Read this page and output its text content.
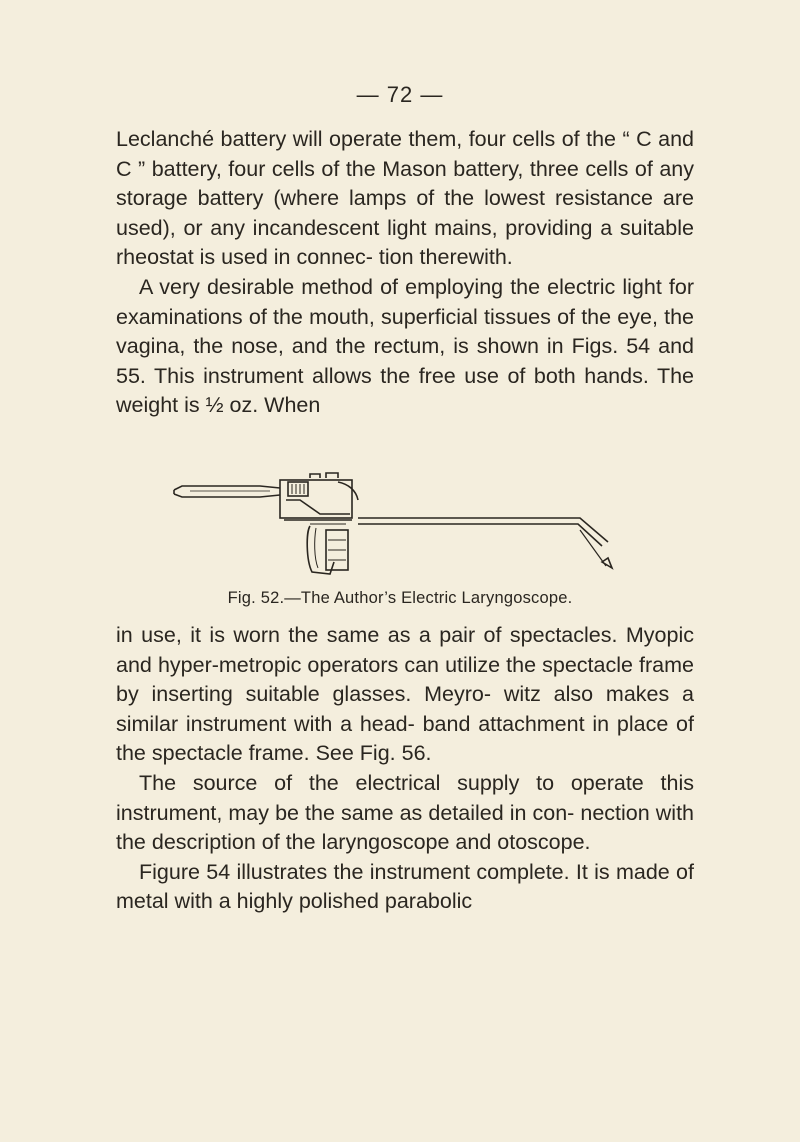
— 72 —

Leclanché battery will operate them, four cells of the “ C and C ” battery, four cells of the Mason battery, three cells of any storage battery (where lamps of the lowest resistance are used), or any incandescent light mains, providing a suitable rheostat is used in connec- tion therewith.

A very desirable method of employing the electric light for examinations of the mouth, superficial tissues of the eye, the vagina, the nose, and the rectum, is shown in Figs. 54 and 55. This instrument allows the free use of both hands. The weight is ½ oz. When

Fig. 52.—The Author’s Electric Laryngoscope.

in use, it is worn the same as a pair of spectacles. Myopic and hyper-metropic operators can utilize the spectacle frame by inserting suitable glasses. Meyro- witz also makes a similar instrument with a head- band attachment in place of the spectacle frame. See Fig. 56.

The source of the electrical supply to operate this instrument, may be the same as detailed in con- nection with the description of the laryngoscope and otoscope.

Figure 54 illustrates the instrument complete. It is made of metal with a highly polished parabolic
